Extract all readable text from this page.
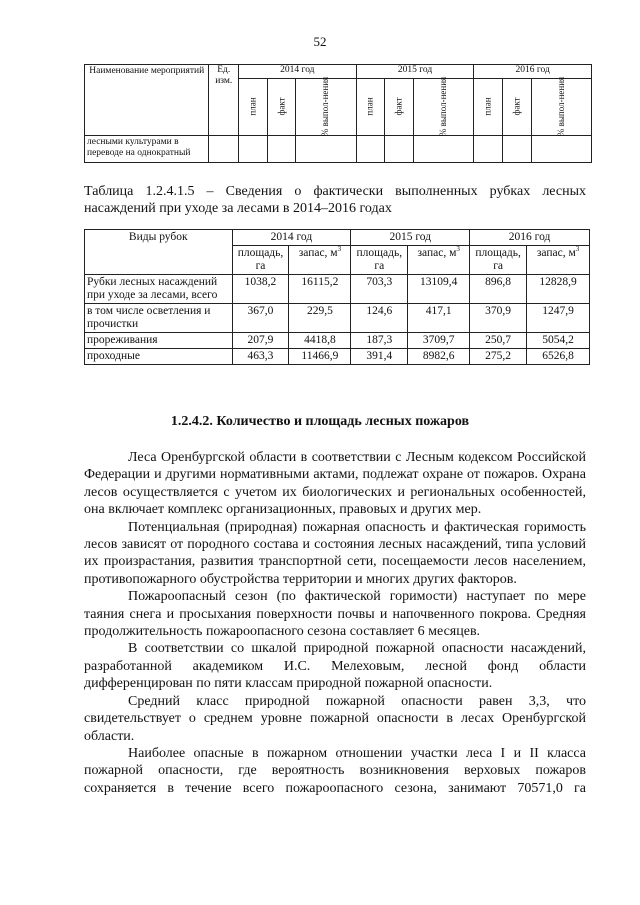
52
Наименование мероприятий	Ед. изм.	2014 год			2015 год			2016 год		
		план	факт	% выпол-нения	план	факт	% выпол-нения	план	факт	% выпол-нения
лесными культурами в переводе на однократный										
Таблица 1.2.4.1.5 – Сведения о фактически выполненных рубках лесных насаждений при уходе за лесами в 2014–2016 годах
Виды рубок	2014 год		2015 год		2016 год	
	площадь, га	запас, $м^3$	площадь, га	запас, $м^3$	площадь, га	запас, $м^3$
Рубки лесных насаждений при уходе за лесами, всего	1038,2	16115,2	703,3	13109,4	896,8	12828,9
в том числе осветления и прочистки	367,0	229,5	124,6	417,1	370,9	1247,9
прореживания	207,9	4418,8	187,3	3709,7	250,7	5054,2
проходные	463,3	11466,9	391,4	8982,6	275,2	6526,8
1.2.4.2. Количество и площадь лесных пожаров

Леса Оренбургской области в соответствии с Лесным кодексом Российской Федерации и другими нормативными актами, подлежат охране от пожаров. Охрана лесов осуществляется с учетом их биологических и региональных особенностей, она включает комплекс организационных, правовых и других мер.

Потенциальная (природная) пожарная опасность и фактическая горимость лесов зависят от породного состава и состояния лесных насаждений, типа условий их произрастания, развития транспортной сети, посещаемости лесов населением, противопожарного обустройства территории и многих других факторов.

Пожароопасный сезон (по фактической горимости) наступает по мере таяния снега и просыхания поверхности почвы и напочвенного покрова. Средняя продолжительность пожароопасного сезона составляет 6 месяцев.

В соответствии со шкалой природной пожарной опасности насаждений, разработанной академиком И.С. Мелеховым, лесной фонд области дифференцирован по пяти классам природной пожарной опасности.

Средний класс природной пожарной опасности равен 3,3, что свидетельствует о среднем уровне пожарной опасности в лесах Оренбургской области.

Наиболее опасные в пожарном отношении участки леса I и II класса пожарной опасности, где вероятность возникновения верховых пожаров сохраняется в течение всего пожароопасного сезона, занимают 70571,0 га
